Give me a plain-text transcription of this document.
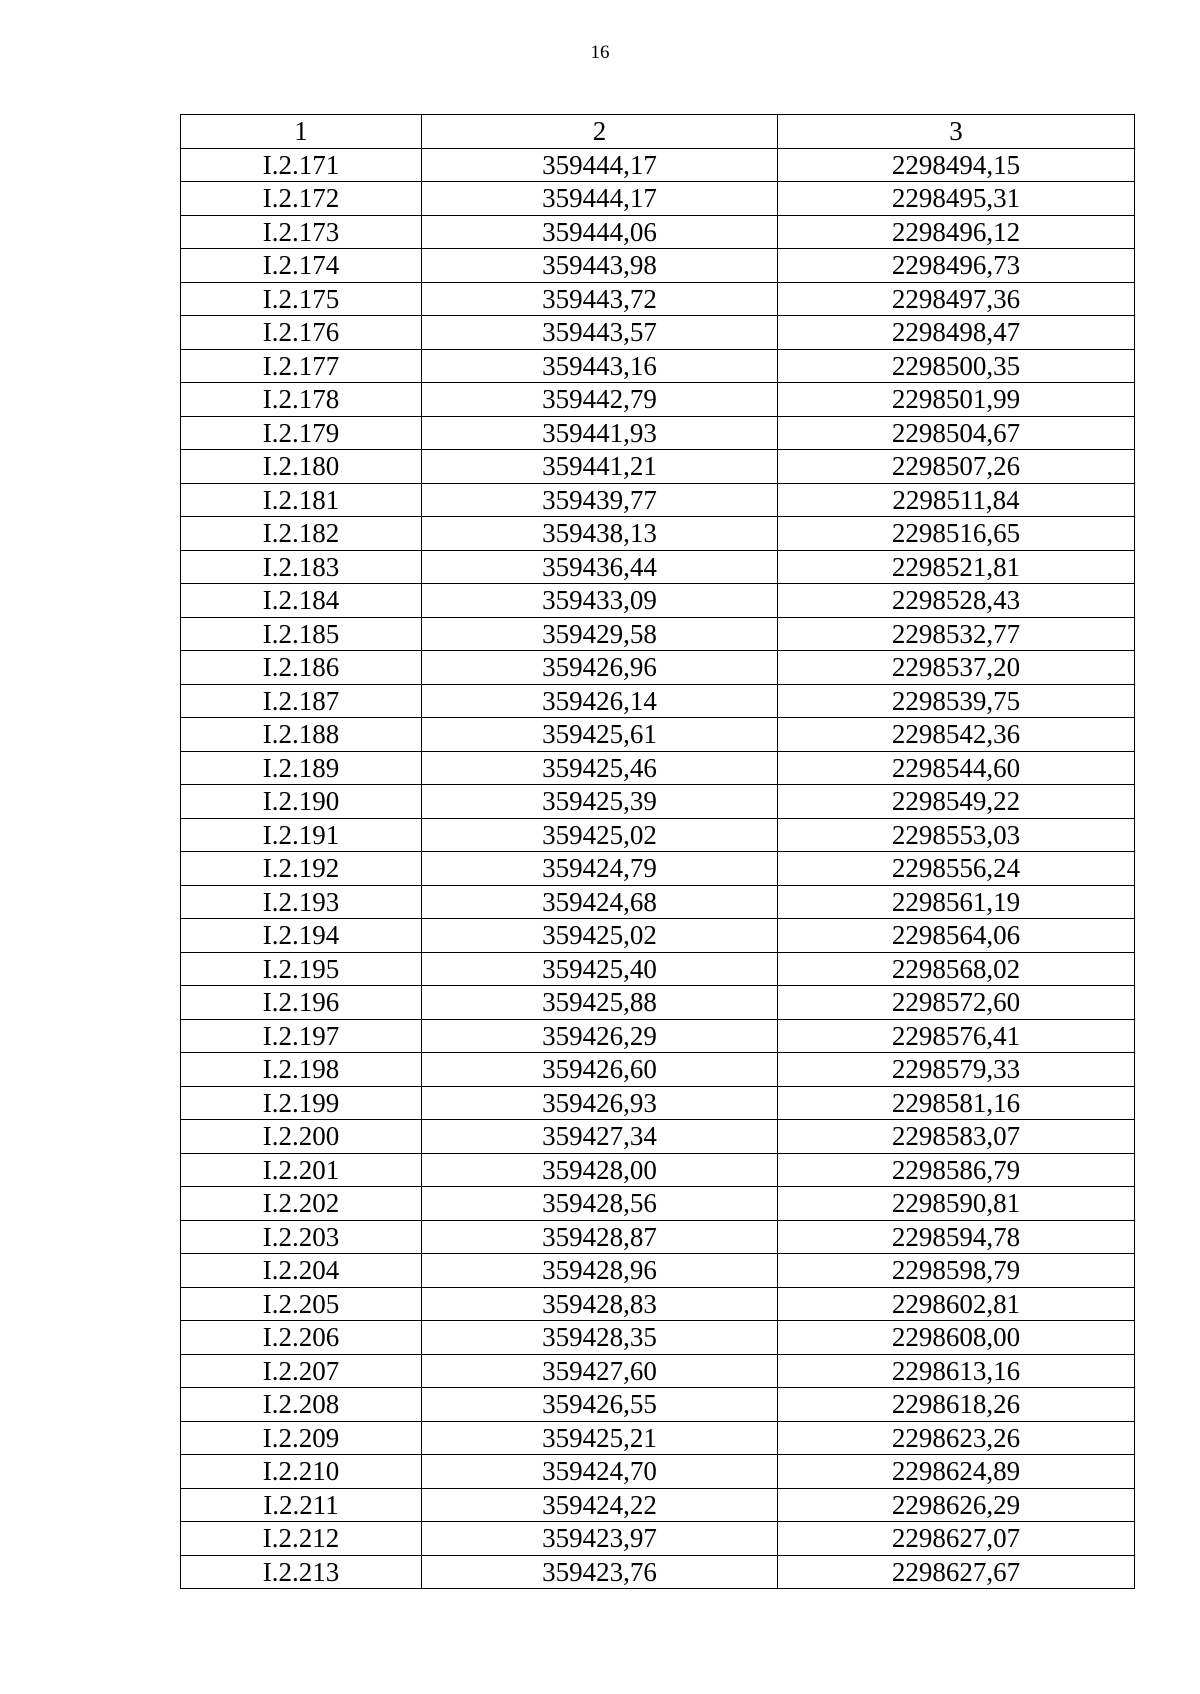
16
1	2	3
I.2.171	359444,17	2298494,15
I.2.172	359444,17	2298495,31
I.2.173	359444,06	2298496,12
I.2.174	359443,98	2298496,73
I.2.175	359443,72	2298497,36
I.2.176	359443,57	2298498,47
I.2.177	359443,16	2298500,35
I.2.178	359442,79	2298501,99
I.2.179	359441,93	2298504,67
I.2.180	359441,21	2298507,26
I.2.181	359439,77	2298511,84
I.2.182	359438,13	2298516,65
I.2.183	359436,44	2298521,81
I.2.184	359433,09	2298528,43
I.2.185	359429,58	2298532,77
I.2.186	359426,96	2298537,20
I.2.187	359426,14	2298539,75
I.2.188	359425,61	2298542,36
I.2.189	359425,46	2298544,60
I.2.190	359425,39	2298549,22
I.2.191	359425,02	2298553,03
I.2.192	359424,79	2298556,24
I.2.193	359424,68	2298561,19
I.2.194	359425,02	2298564,06
I.2.195	359425,40	2298568,02
I.2.196	359425,88	2298572,60
I.2.197	359426,29	2298576,41
I.2.198	359426,60	2298579,33
I.2.199	359426,93	2298581,16
I.2.200	359427,34	2298583,07
I.2.201	359428,00	2298586,79
I.2.202	359428,56	2298590,81
I.2.203	359428,87	2298594,78
I.2.204	359428,96	2298598,79
I.2.205	359428,83	2298602,81
I.2.206	359428,35	2298608,00
I.2.207	359427,60	2298613,16
I.2.208	359426,55	2298618,26
I.2.209	359425,21	2298623,26
I.2.210	359424,70	2298624,89
I.2.211	359424,22	2298626,29
I.2.212	359423,97	2298627,07
I.2.213	359423,76	2298627,67
